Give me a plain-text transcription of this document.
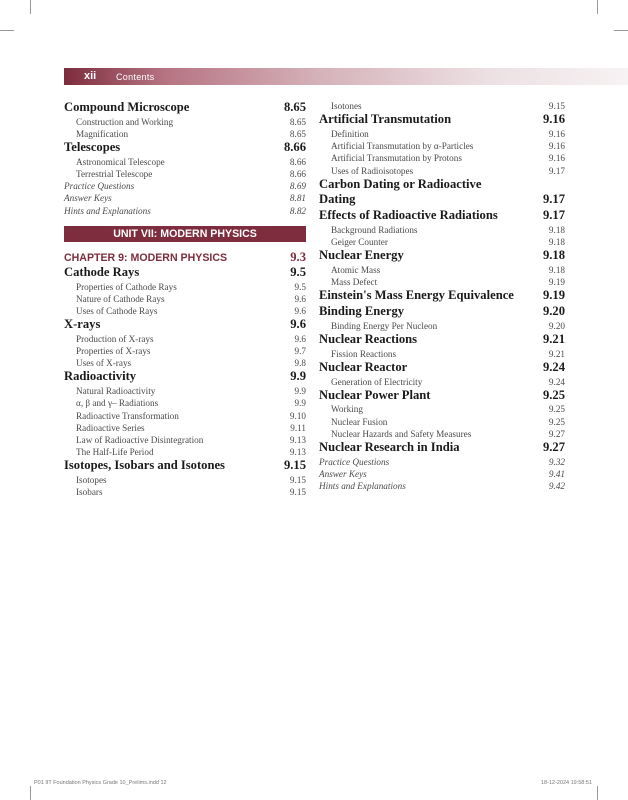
xii Contents
Compound Microscope	8.65
Construction and Working	8.65
Magnification	8.65
Telescopes	8.66
Astronomical Telescope	8.66
Terrestrial Telescope	8.66
Practice Questions	8.69
Answer Keys	8.81
Hints and Explanations	8.82
UNIT VII: MODERN PHYSICS
CHAPTER 9: MODERN PHYSICS	9.3
Cathode Rays	9.5
Properties of Cathode Rays	9.5
Nature of Cathode Rays	9.6
Uses of Cathode Rays	9.6
X-rays	9.6
Production of X-rays	9.6
Properties of X-rays	9.7
Uses of X-rays	9.8
Radioactivity	9.9
Natural Radioactivity	9.9
α, β and γ– Radiations	9.9
Radioactive Transformation	9.10
Radioactive Series	9.11
Law of Radioactive Disintegration	9.13
The Half-Life Period	9.13
Isotopes, Isobars and Isotones	9.15
Isotopes	9.15
Isobars	9.15
Isotones	9.15
Artificial Transmutation	9.16
Definition	9.16
Artificial Transmutation by α-Particles	9.16
Artificial Transmutation by Protons	9.16
Uses of Radioisotopes	9.17
Carbon Dating or Radioactive Dating	9.17
Effects of Radioactive Radiations	9.17
Background Radiations	9.18
Geiger Counter	9.18
Nuclear Energy	9.18
Atomic Mass	9.18
Mass Defect	9.19
Einstein's Mass Energy Equivalence 9.19
Binding Energy	9.20
Binding Energy Per Nucleon	9.20
Nuclear Reactions	9.21
Fission Reactions	9.21
Nuclear Reactor	9.24
Generation of Electricity	9.24
Nuclear Power Plant	9.25
Working	9.25
Nuclear Fusion	9.25
Nuclear Hazards and Safety Measures	9.27
Nuclear Research in India	9.27
Practice Questions	9.32
Answer Keys	9.41
Hints and Explanations	9.42
P01 IIT Foundation Physics Grade 10_Prelims.indd 12	18-12-2024 19:58:51
